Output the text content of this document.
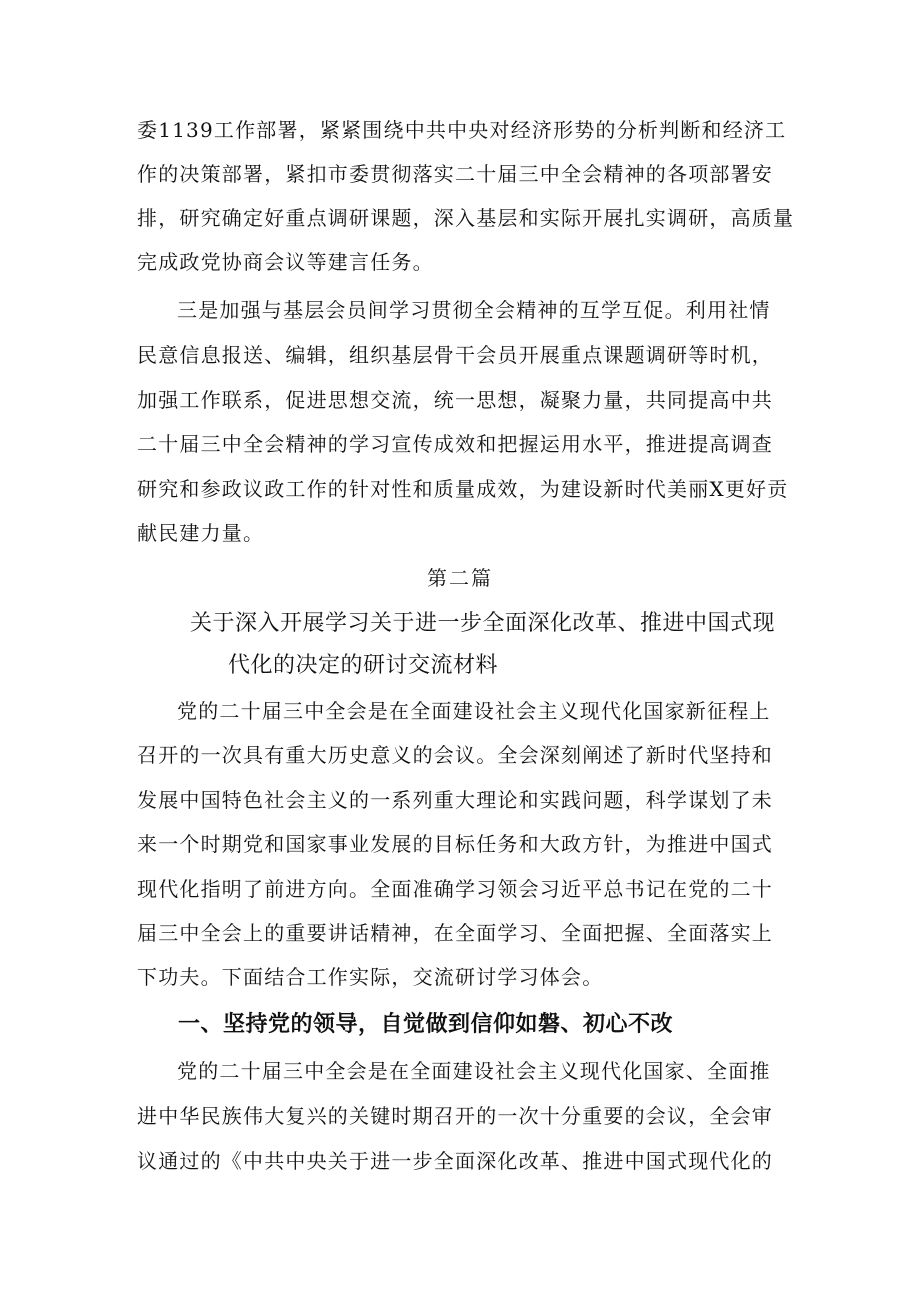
委1139工作部署，紧紧围绕中共中央对经济形势的分析判断和经济工
作的决策部署，紧扣市委贯彻落实二十届三中全会精神的各项部署安
排，研究确定好重点调研课题，深入基层和实际开展扎实调研，高质量
完成政党协商会议等建言任务。
三是加强与基层会员间学习贯彻全会精神的互学互促。利用社情
民意信息报送、编辑，组织基层骨干会员开展重点课题调研等时机，
加强工作联系，促进思想交流，统一思想，凝聚力量，共同提高中共
二十届三中全会精神的学习宣传成效和把握运用水平，推进提高调查
研究和参政议政工作的针对性和质量成效，为建设新时代美丽X更好贡
献民建力量。
第二篇
关于深入开展学习关于进一步全面深化改革、推进中国式现
代化的决定的研讨交流材料
党的二十届三中全会是在全面建设社会主义现代化国家新征程上
召开的一次具有重大历史意义的会议。全会深刻阐述了新时代坚持和
发展中国特色社会主义的一系列重大理论和实践问题，科学谋划了未
来一个时期党和国家事业发展的目标任务和大政方针，为推进中国式
现代化指明了前进方向。全面准确学习领会习近平总书记在党的二十
届三中全会上的重要讲话精神，在全面学习、全面把握、全面落实上
下功夫。下面结合工作实际，交流研讨学习体会。
一、坚持党的领导，自觉做到信仰如磐、初心不改
党的二十届三中全会是在全面建设社会主义现代化国家、全面推
进中华民族伟大复兴的关键时期召开的一次十分重要的会议，全会审
议通过的《中共中央关于进一步全面深化改革、推进中国式现代化的
